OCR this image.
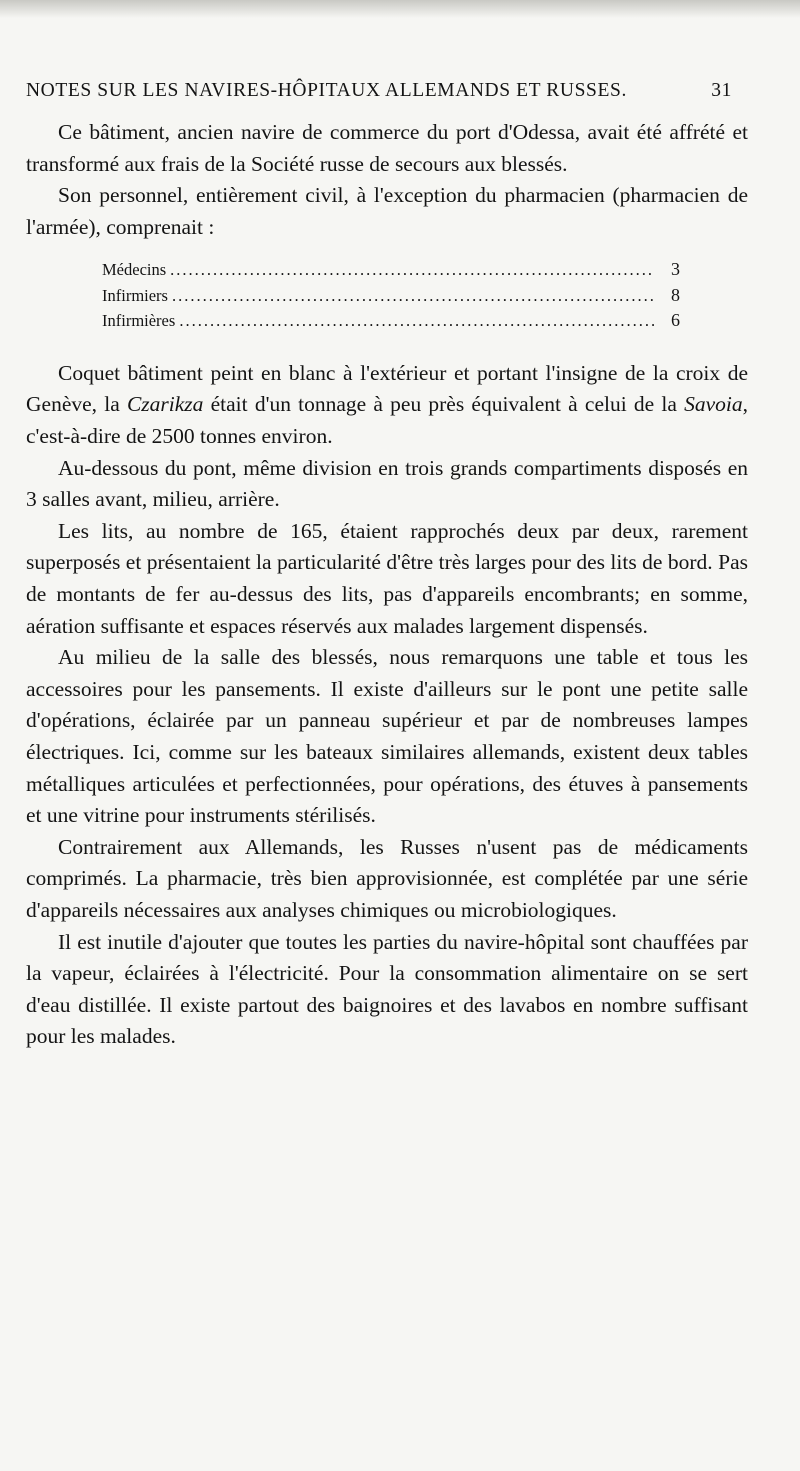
NOTES SUR LES NAVIRES-HÔPITAUX ALLEMANDS ET RUSSES.	31

Ce bâtiment, ancien navire de commerce du port d'Odessa, avait été affrété et transformé aux frais de la Société russe de secours aux blessés.

Son personnel, entièrement civil, à l'exception du pharmacien (pharmacien de l'armée), comprenait :

Médecins .....	3
Infirmiers .....	8
Infirmières .....	6

Coquet bâtiment peint en blanc à l'extérieur et portant l'insigne de la croix de Genève, la Czarikza était d'un tonnage à peu près équivalent à celui de la Savoia, c'est-à-dire de 2500 tonnes environ.

Au-dessous du pont, même division en trois grands compartiments disposés en 3 salles avant, milieu, arrière.

Les lits, au nombre de 165, étaient rapprochés deux par deux, rarement superposés et présentaient la particularité d'être très larges pour des lits de bord. Pas de montants de fer au-dessus des lits, pas d'appareils encombrants; en somme, aération suffisante et espaces réservés aux malades largement dispensés.

Au milieu de la salle des blessés, nous remarquons une table et tous les accessoires pour les pansements. Il existe d'ailleurs sur le pont une petite salle d'opérations, éclairée par un panneau supérieur et par de nombreuses lampes électriques. Ici, comme sur les bateaux similaires allemands, existent deux tables métalliques articulées et perfectionnées, pour opérations, des étuves à pansements et une vitrine pour instruments stérilisés.

Contrairement aux Allemands, les Russes n'usent pas de médicaments comprimés. La pharmacie, très bien approvisionnée, est complétée par une série d'appareils nécessaires aux analyses chimiques ou microbiologiques.

Il est inutile d'ajouter que toutes les parties du navire-hôpital sont chauffées par la vapeur, éclairées à l'électricité. Pour la consommation alimentaire on se sert d'eau distillée. Il existe partout des baignoires et des lavabos en nombre suffisant pour les malades.
